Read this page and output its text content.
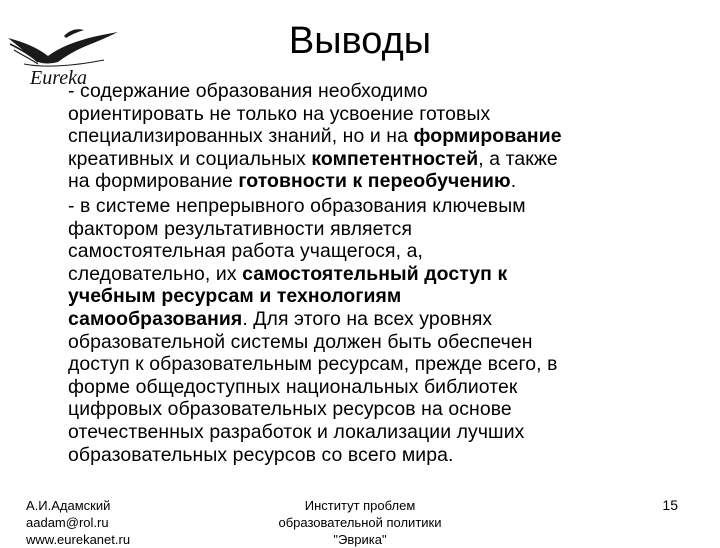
Eureka
Выводы
- содержание образования необходимо
ориентировать не только на усвоение готовых
специализированных знаний, но и на формирование
креативных и социальных компетентностей, а также
на формирование готовности к переобучению.
- в системе непрерывного образования ключевым
фактором результативности является
самостоятельная работа учащегося, а,
следовательно, их самостоятельный доступ к
учебным ресурсам и технологиям
самообразования. Для этого на всех уровнях
образовательной системы должен быть обеспечен
доступ к образовательным ресурсам, прежде всего, в
форме общедоступных национальных библиотек
цифровых образовательных ресурсов на основе
отечественных разработок и локализации лучших
образовательных ресурсов со всего мира.
А.И.Адамский
aadam@rol.ru
www.eurekanet.ru
Институт проблем
образовательной политики
"Эврика"
15
